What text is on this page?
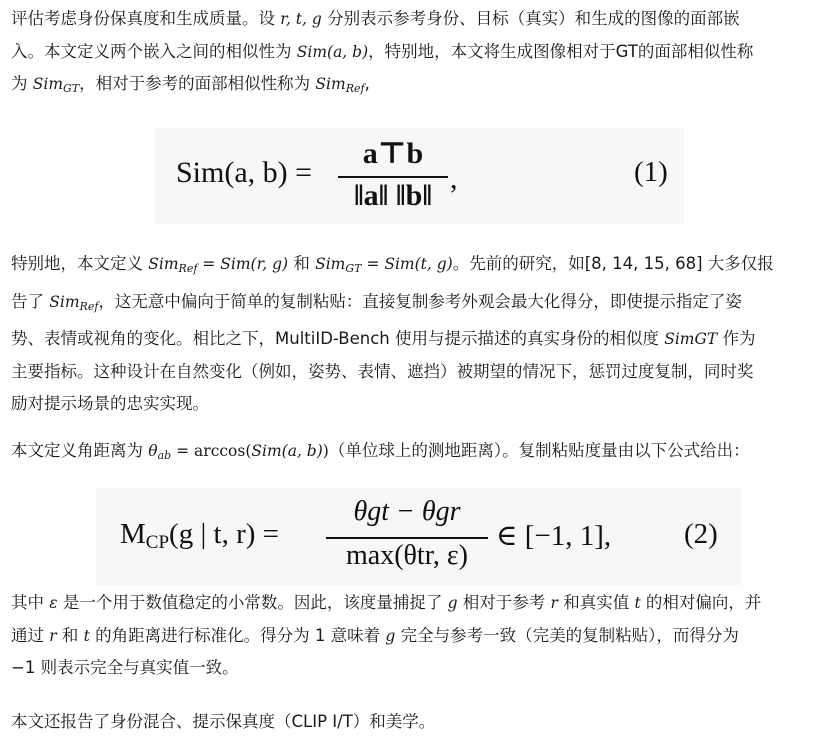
评估考虑身份保真度和生成质量。设 r, t, g 分别表示参考身份、目标（真实）和生成的图像的面部嵌
入。本文定义两个嵌入之间的相似性为 Sim(a, b)，特别地，本文将生成图像相对于GT的面部相似性称
为 Sim$_{GT}$，相对于参考的面部相似性称为 Sim$_{Ref}$,
Sim(a, b) =
a⊤b
‖a‖ ‖b‖
,	(1)
特别地，本文定义 Sim$_{Ref}$ = Sim(r, g) 和 Sim$_{GT}$ = Sim(t, g)。先前的研究，如[8, 14, 15, 68] 大多仅报
告了 Sim$_{Ref}$，这无意中偏向于简单的复制粘贴：直接复制参考外观会最大化得分，即使提示指定了姿
势、表情或视角的变化。相比之下，MultiID-Bench 使用与提示描述的真实身份的相似度 SimGT 作为
主要指标。这种设计在自然变化（例如，姿势、表情、遮挡）被期望的情况下，惩罚过度复制，同时奖
励对提示场景的忠实实现。
本文定义角距离为 $\theta_{ab} = \arccos(Sim(a$, b))（单位球上的测地距离）。复制粘贴度量由以下公式给出：
MCP(g | t, r) =
θgt − θgr
max(θtr, ε)
∈ [−1, 1],	(2)
其中 ε 是一个用于数值稳定的小常数。因此，该度量捕捉了 g 相对于参考 r 和真实值 t 的相对偏向，并
通过 r 和 t 的角距离进行标准化。得分为 1 意味着 g 完全与参考一致（完美的复制粘贴），而得分为
−1 则表示完全与真实值一致。
本文还报告了身份混合、提示保真度（CLIP I/T）和美学。
